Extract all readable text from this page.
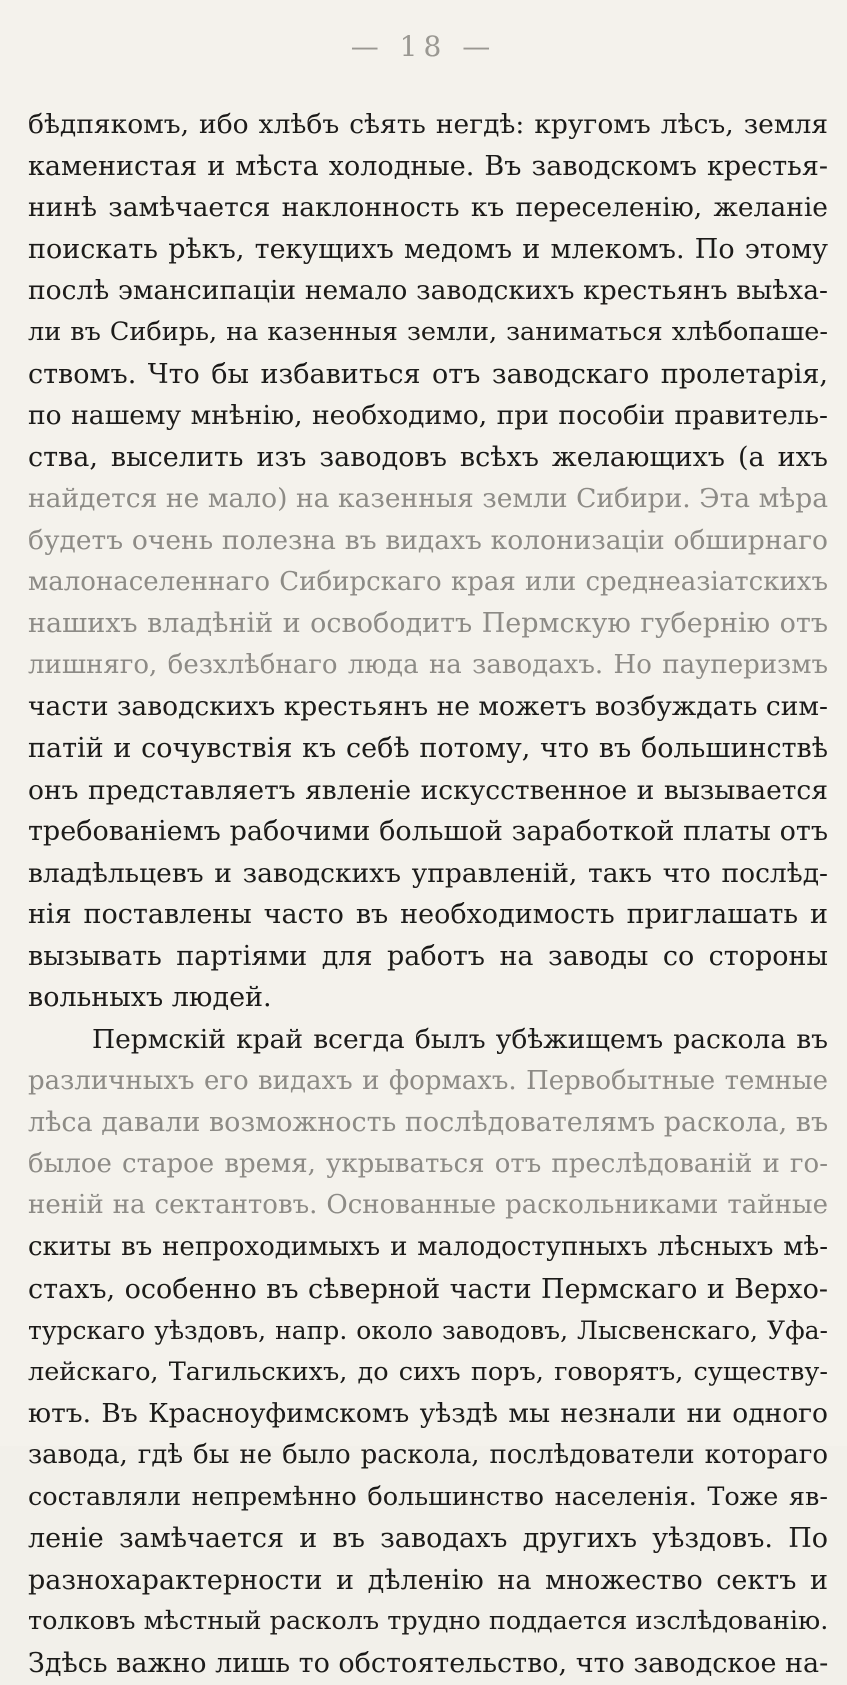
— 18 —
бѣдпякомъ, ибо хлѣбъ сѣять негдѣ: кругомъ лѣсъ, земля
каменистая и мѣста холодные. Въ заводскомъ крестья-
нинѣ замѣчается наклонность къ переселенію, желаніе
поискать рѣкъ, текущихъ медомъ и млекомъ. По этому
послѣ эмансипаціи немало заводскихъ крестьянъ выѣха-
ли въ Сибирь, на казенныя земли, заниматься хлѣбопаше-
ствомъ. Что бы избавиться отъ заводскаго пролетарія,
по нашему мнѣнію, необходимо, при пособіи правитель-
ства, выселить изъ заводовъ всѣхъ желающихъ (а ихъ
найдется не мало) на казенныя земли Сибири. Эта мѣра
будетъ очень полезна въ видахъ колонизаціи обширнаго
малонаселеннаго Сибирскаго края или среднеазіатскихъ
нашихъ владѣній и освободитъ Пермскую губернію отъ
лишняго, безхлѣбнаго люда на заводахъ. Но пауперизмъ
части заводскихъ крестьянъ не можетъ возбуждать сим-
патій и сочувствія къ себѣ потому, что въ большинствѣ
онъ представляетъ явленіе искусственное и вызывается
требованіемъ рабочими большой заработкой платы отъ
владѣльцевъ и заводскихъ управленій, такъ что послѣд-
нія поставлены часто въ необходимость приглашать и
вызывать партіями для работъ на заводы со стороны
вольныхъ людей.
Пермскій край всегда былъ убѣжищемъ раскола въ
различныхъ его видахъ и формахъ. Первобытные темные
лѣса давали возможность послѣдователямъ раскола, въ
былое старое время, укрываться отъ преслѣдованій и го-
неній на сектантовъ. Основанные раскольниками тайные
скиты въ непроходимыхъ и малодоступныхъ лѣсныхъ мѣ-
стахъ, особенно въ сѣверной части Пермскаго и Верхо-
турскаго уѣздовъ, напр. около заводовъ, Лысвенскаго, Уфа-
лейскаго, Тагильскихъ, до сихъ поръ, говорятъ, существу-
ютъ. Въ Красноуфимскомъ уѣздѣ мы незнали ни одного
завода, гдѣ бы не было раскола, послѣдователи котораго
составляли непремѣнно большинство населенія. Тоже яв-
леніе замѣчается и въ заводахъ другихъ уѣздовъ. По
разнохарактерности и дѣленію на множество сектъ и
толковъ мѣстный расколъ трудно поддается изслѣдованію.
Здѣсь важно лишь то обстоятельство, что заводское на-
